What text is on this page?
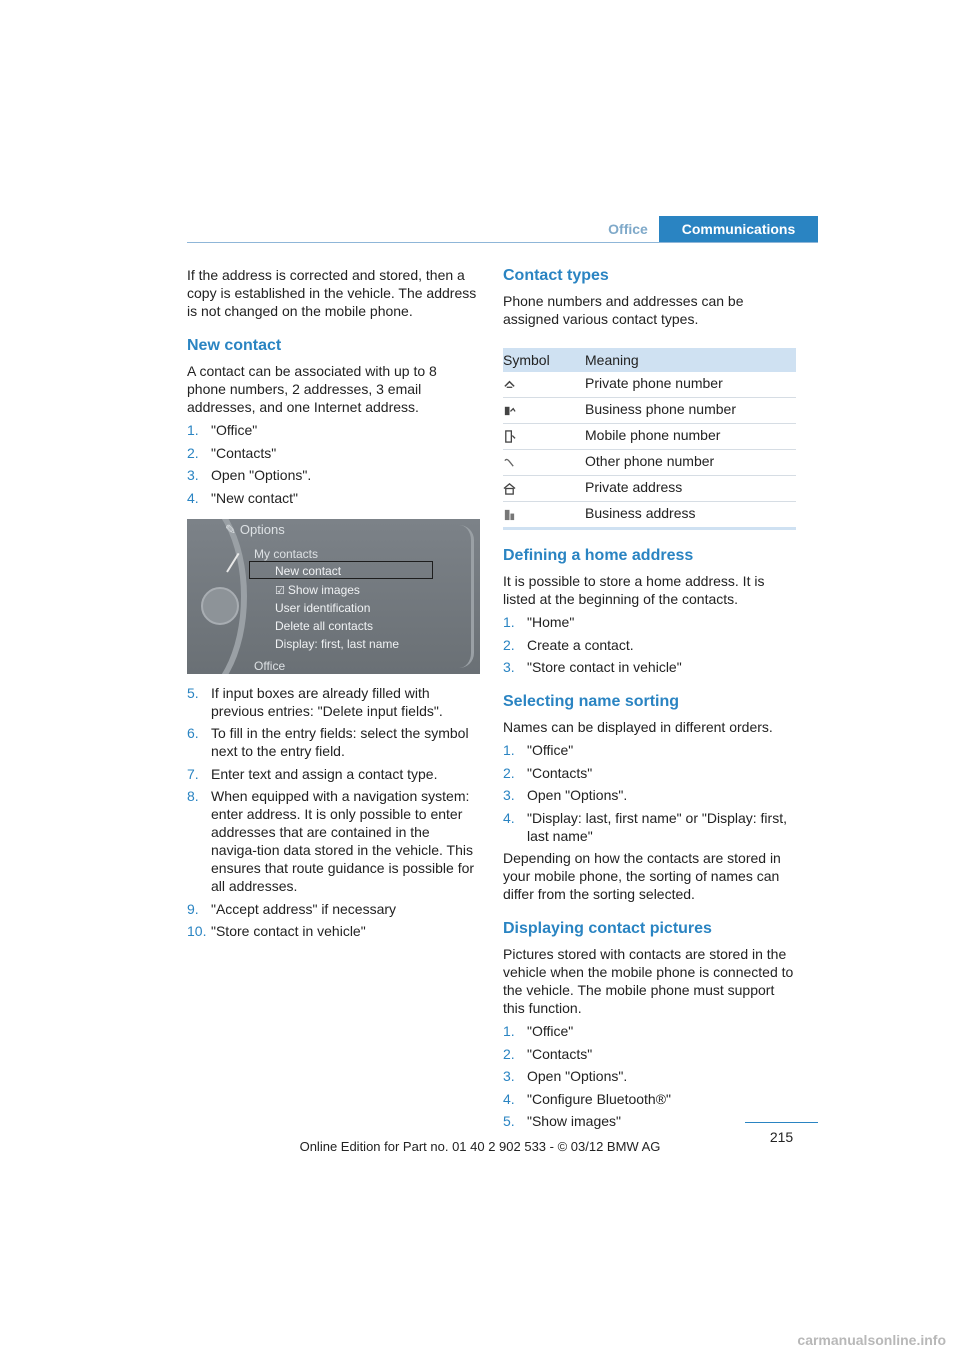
Office	Communications

If the address is corrected and stored, then a copy is established in the vehicle. The address is not changed on the mobile phone.

New contact

A contact can be associated with up to 8 phone numbers, 2 addresses, 3 email addresses, and one Internet address.

1. "Office"
2. "Contacts"
3. Open "Options".
4. "New contact"
✎ Options
My contacts
New contact
☑ Show images
User identification
Delete all contacts
Display: first, last name
Office
5. If input boxes are already filled with previous entries: "Delete input fields".
6. To fill in the entry fields: select the symbol next to the entry field.
7. Enter text and assign a contact type.
8. When equipped with a navigation system: enter address. It is only possible to enter addresses that are contained in the naviga-tion data stored in the vehicle. This ensures that route guidance is possible for all addresses.
9. "Accept address" if necessary
10. "Store contact in vehicle"
Contact types

Phone numbers and addresses can be assigned various contact types.

Symbol	Meaning
	Private phone number
	Business phone number
	Mobile phone number
	Other phone number
	Private address
	Business address
Defining a home address

It is possible to store a home address. It is listed at the beginning of the contacts.

1. "Home"
2. Create a contact.
3. "Store contact in vehicle"
Selecting name sorting

Names can be displayed in different orders.

1. "Office"
2. "Contacts"
3. Open "Options".
4. "Display: last, first name" or "Display: first, last name"

Depending on how the contacts are stored in your mobile phone, the sorting of names can differ from the sorting selected.

Displaying contact pictures

Pictures stored with contacts are stored in the vehicle when the mobile phone is connected to the vehicle. The mobile phone must support this function.

1. "Office"
2. "Contacts"
3. Open "Options".
4. "Configure Bluetooth®"
5. "Show images"
215
Online Edition for Part no. 01 40 2 902 533 - © 03/12 BMW AG
carmanualsonline.info
